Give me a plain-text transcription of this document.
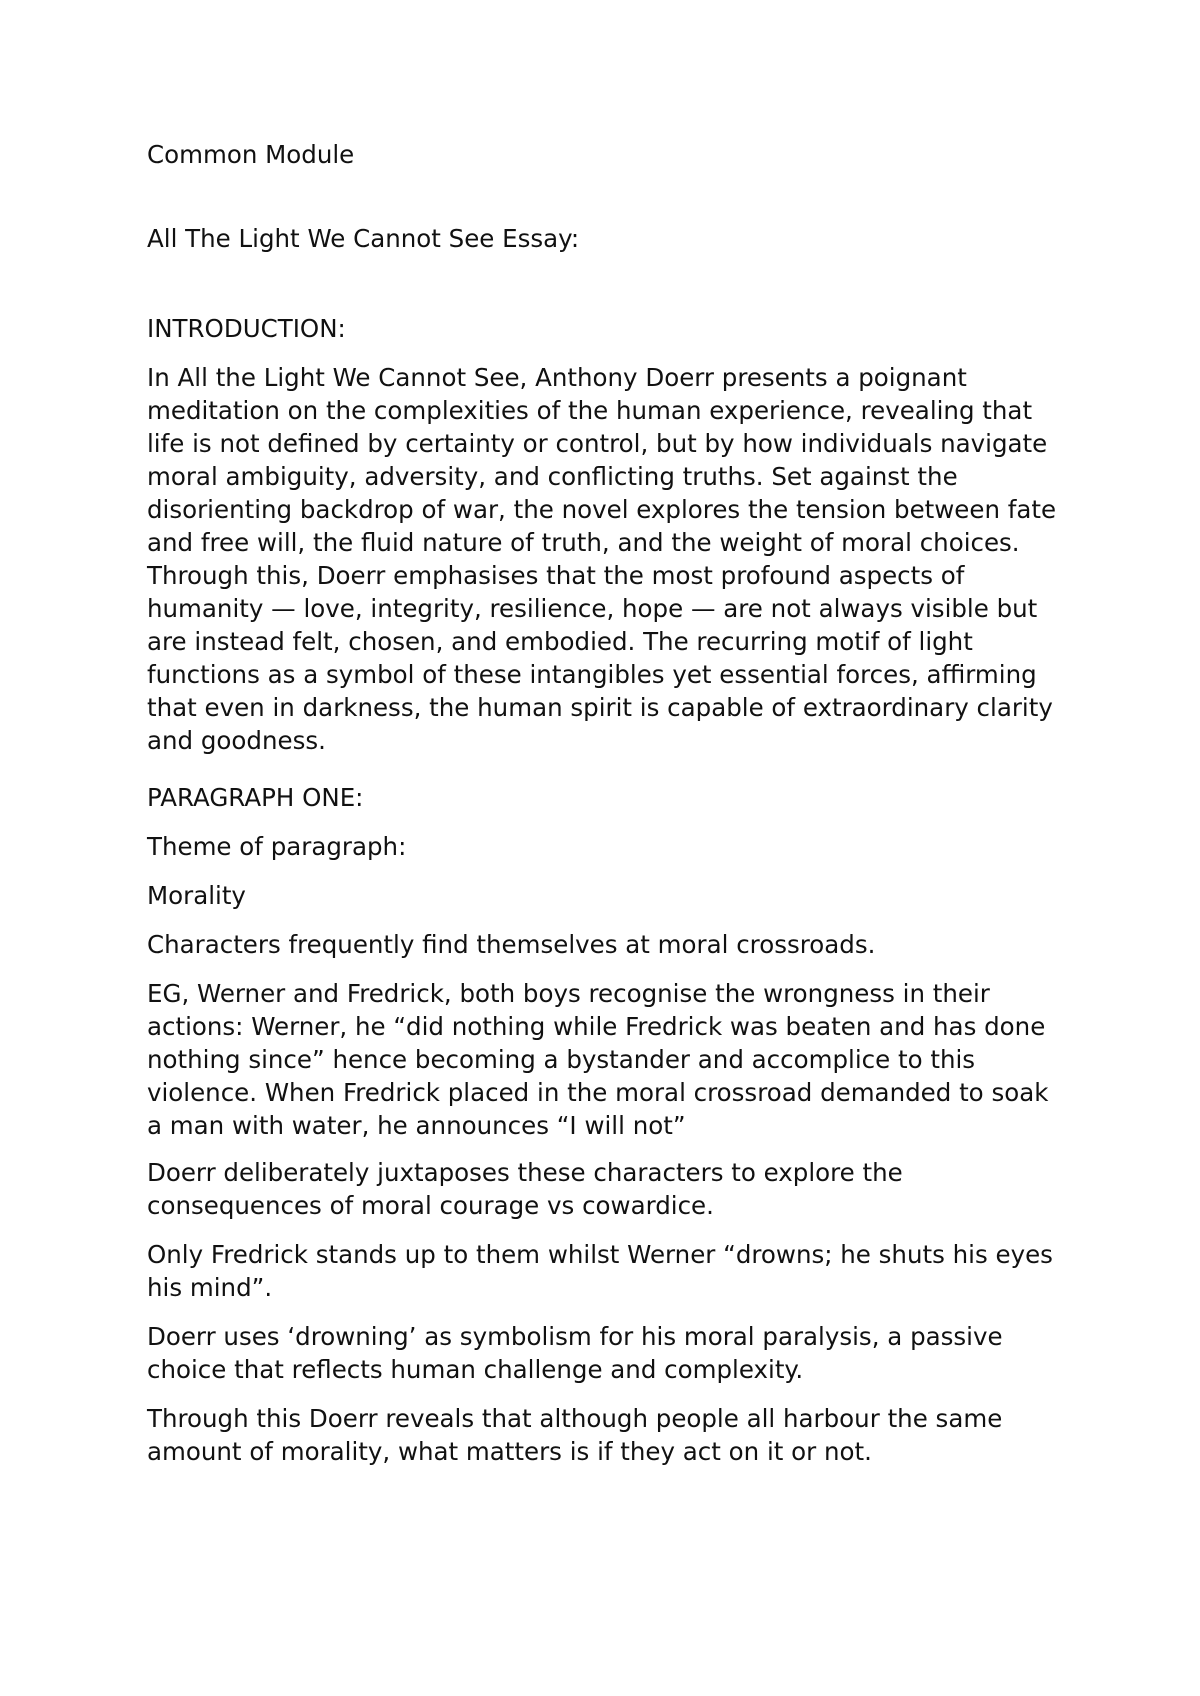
Common Module

All The Light We Cannot See Essay:

INTRODUCTION:

In All the Light We Cannot See, Anthony Doerr presents a poignant
meditation on the complexities of the human experience, revealing that
life is not defined by certainty or control, but by how individuals navigate
moral ambiguity, adversity, and conflicting truths. Set against the
disorienting backdrop of war, the novel explores the tension between fate
and free will, the fluid nature of truth, and the weight of moral choices.
Through this, Doerr emphasises that the most profound aspects of
humanity — love, integrity, resilience, hope — are not always visible but
are instead felt, chosen, and embodied. The recurring motif of light
functions as a symbol of these intangibles yet essential forces, affirming
that even in darkness, the human spirit is capable of extraordinary clarity
and goodness.

PARAGRAPH ONE:

Theme of paragraph:

Morality

Characters frequently find themselves at moral crossroads.

EG, Werner and Fredrick, both boys recognise the wrongness in their
actions: Werner, he “did nothing while Fredrick was beaten and has done
nothing since” hence becoming a bystander and accomplice to this
violence. When Fredrick placed in the moral crossroad demanded to soak
a man with water, he announces “I will not”

Doerr deliberately juxtaposes these characters to explore the
consequences of moral courage vs cowardice.

Only Fredrick stands up to them whilst Werner “drowns; he shuts his eyes
his mind”.

Doerr uses ‘drowning’ as symbolism for his moral paralysis, a passive
choice that reflects human challenge and complexity.

Through this Doerr reveals that although people all harbour the same
amount of morality, what matters is if they act on it or not.
